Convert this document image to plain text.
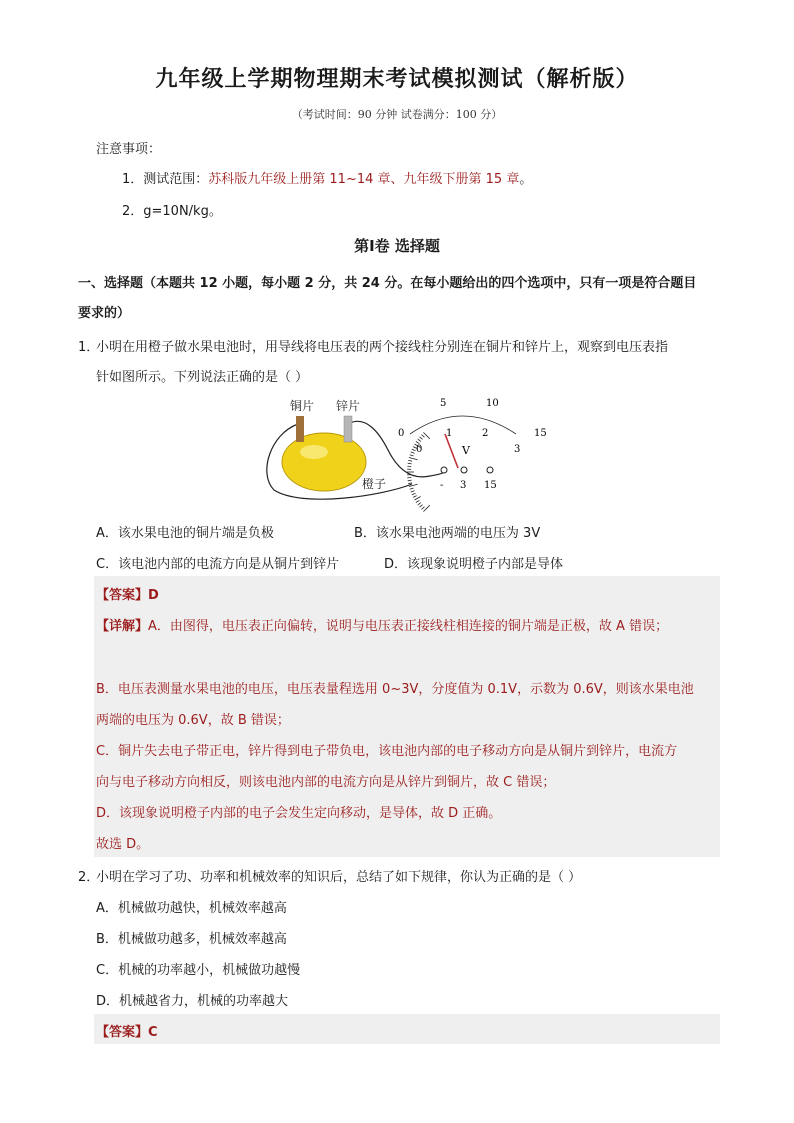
九年级上学期物理期末考试模拟测试（解析版）
（考试时间：90 分钟 试卷满分：100 分）
注意事项：
1．测试范围：苏科版九年级上册第 11~14 章、九年级下册第 15 章。
2．g=10N/kg。
第Ⅰ卷 选择题
一、选择题（本题共 12 小题，每小题 2 分，共 24 分。在每小题给出的四个选项中，只有一项是符合题目
要求的）
1．
小明在用橙子做水果电池时，用导线将电压表的两个接线柱分别连在铜片和锌片上，观察到电压表指
针如图所示。下列说法正确的是（ ）
铜片 锌片
橙子
0
5	10
15
0
1	2
3
V
- 3 15
A．该水果电池的铜片端是负极	B．该水果电池两端的电压为 3V
C．该电池内部的电流方向是从铜片到锌片	D．该现象说明橙子内部是导体
【答案】D
【详解】A．由图得，电压表正向偏转，说明与电压表正接线柱相连接的铜片端是正极，故 A 错误；
B．电压表测量水果电池的电压，电压表量程选用 0~3V，分度值为 0.1V，示数为 0.6V，则该水果电池
两端的电压为 0.6V，故 B 错误；
C．铜片失去电子带正电，锌片得到电子带负电，该电池内部的电子移动方向是从铜片到锌片，电流方
向与电子移动方向相反，则该电池内部的电流方向是从锌片到铜片，故 C 错误；
D．该现象说明橙子内部的电子会发生定向移动，是导体，故 D 正确。
故选 D。
2．
小明在学习了功、功率和机械效率的知识后，总结了如下规律，你认为正确的是（ ）
A．机械做功越快，机械效率越高
B．机械做功越多，机械效率越高
C．机械的功率越小，机械做功越慢
D．机械越省力，机械的功率越大
【答案】C
